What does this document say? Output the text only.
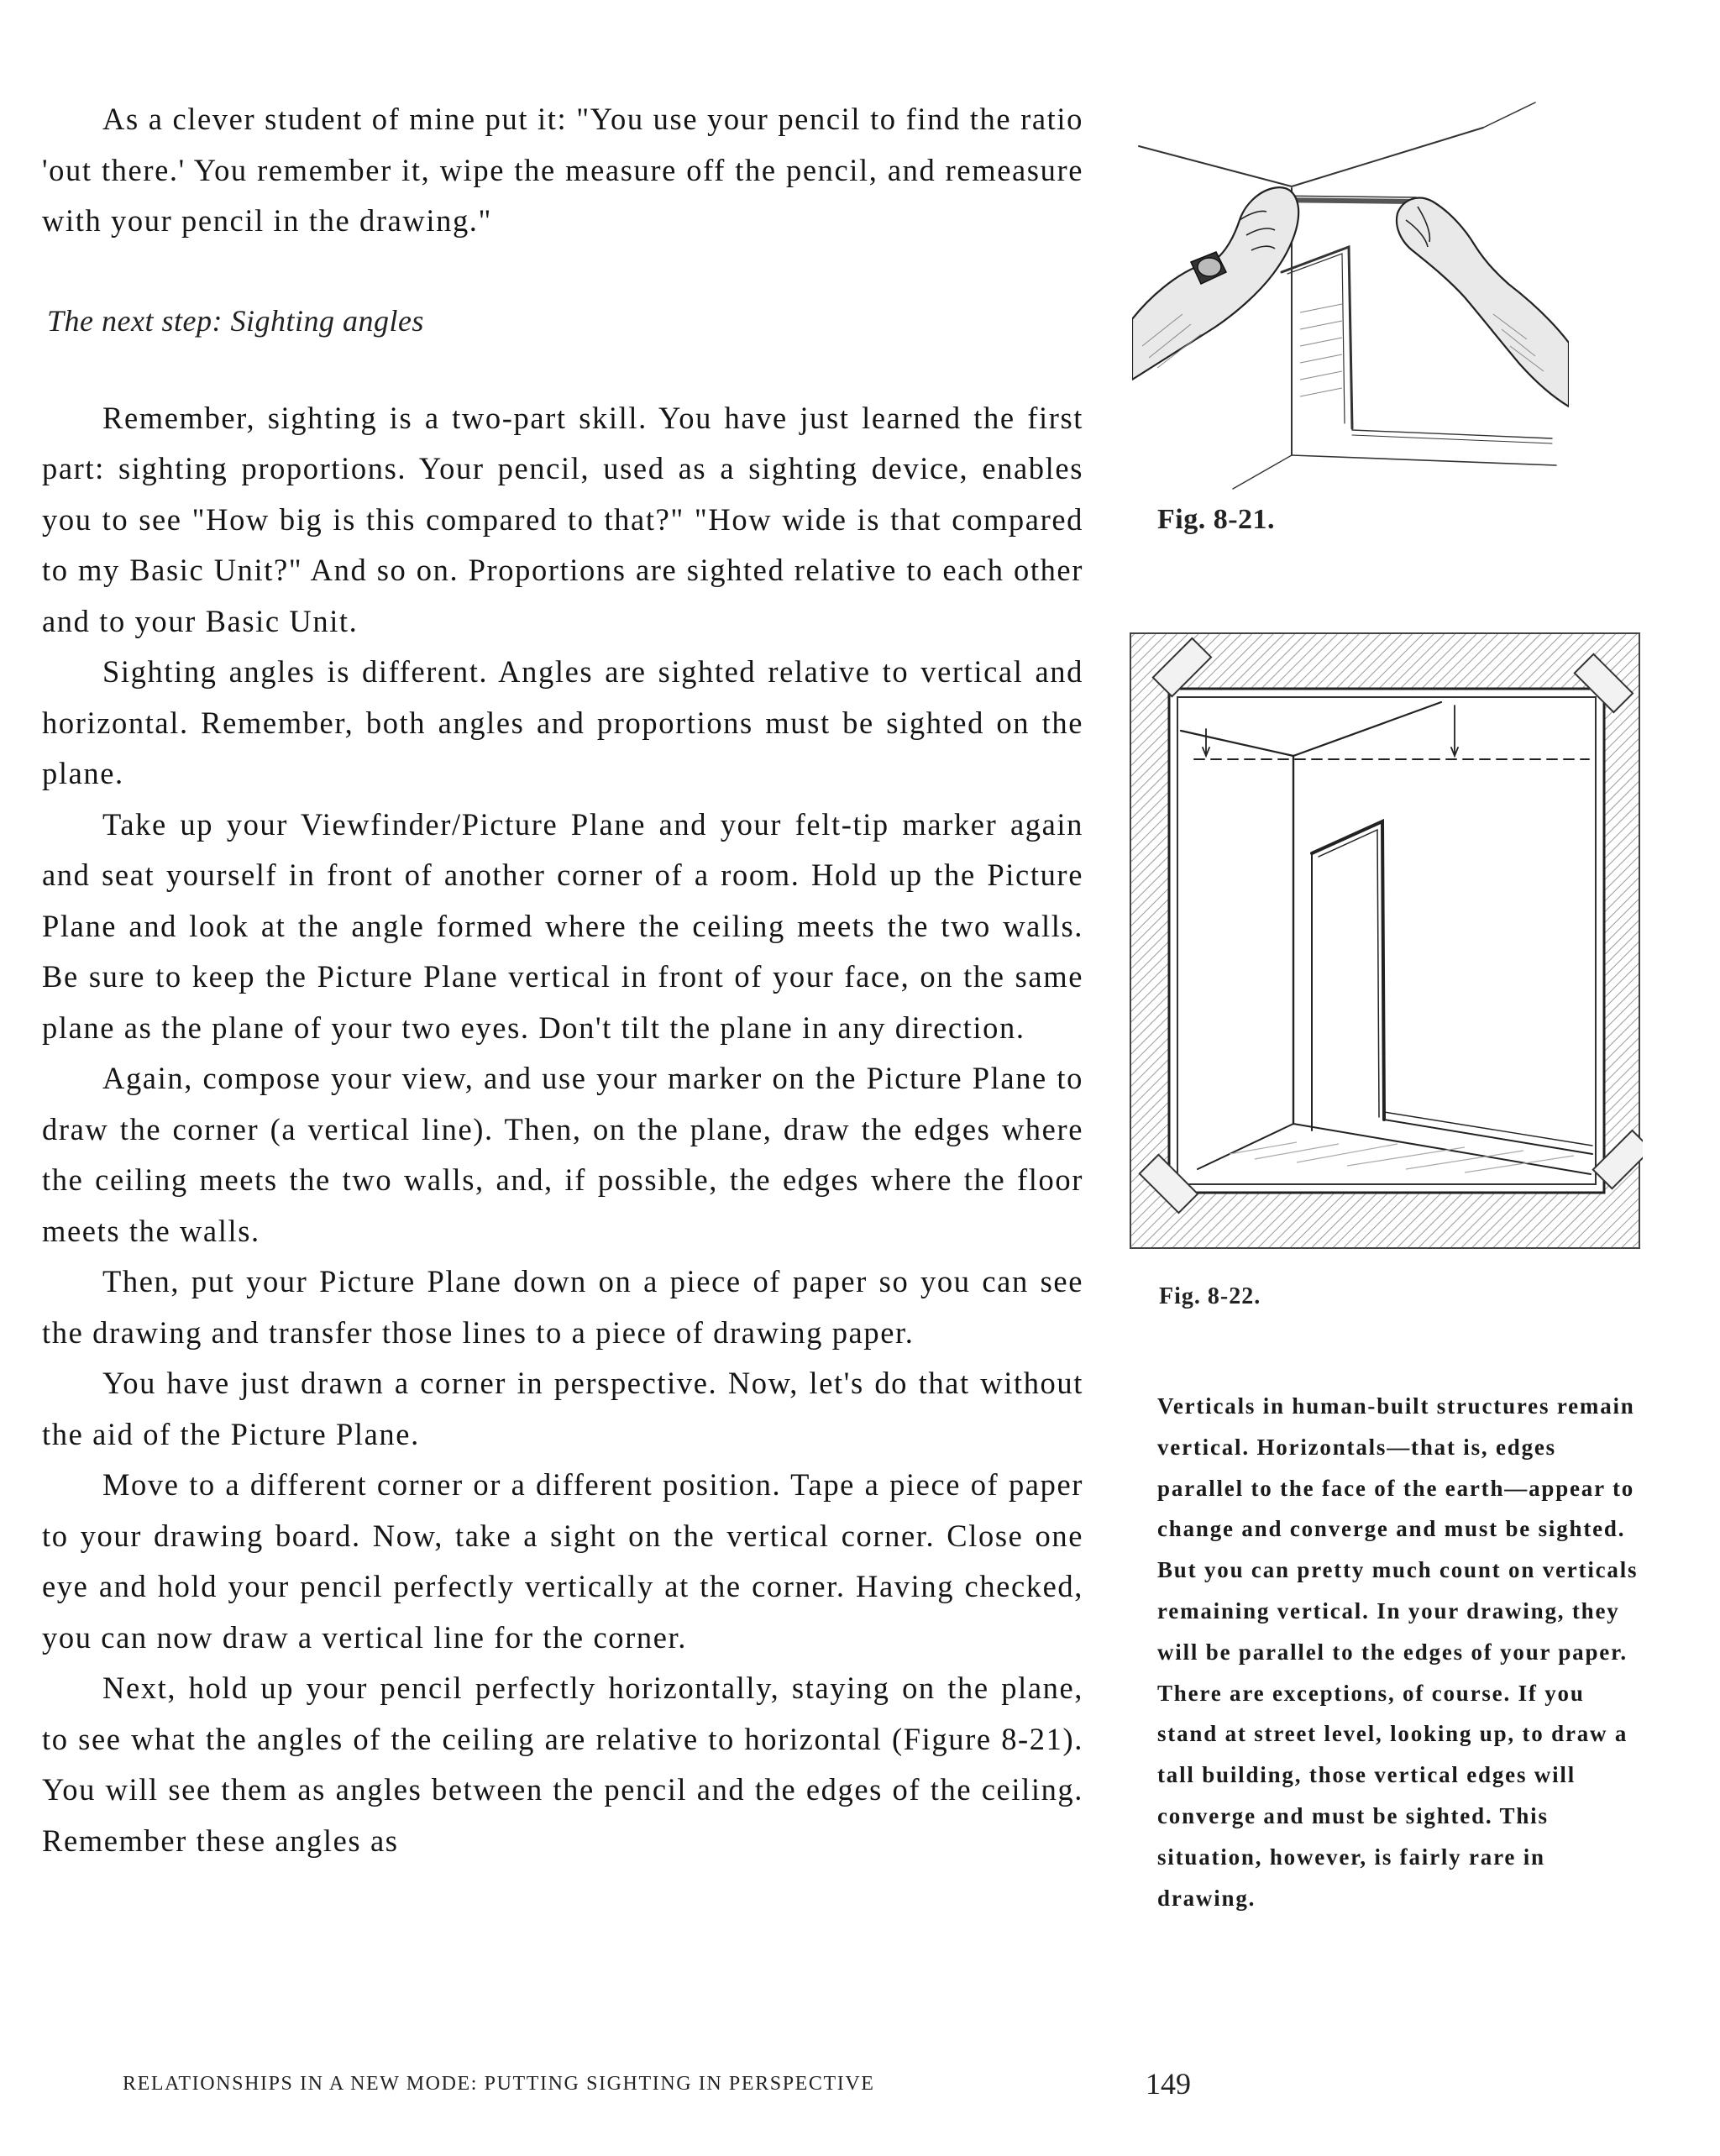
As a clever student of mine put it: "You use your pencil to find the ratio 'out there.' You remember it, wipe the measure off the pencil, and remeasure with your pencil in the drawing."

The next step: Sighting angles

Remember, sighting is a two-part skill. You have just learned the first part: sighting proportions. Your pencil, used as a sighting device, enables you to see "How big is this compared to that?" "How wide is that compared to my Basic Unit?" And so on. Proportions are sighted relative to each other and to your Basic Unit.

Sighting angles is different. Angles are sighted relative to vertical and horizontal. Remember, both angles and proportions must be sighted on the plane.

Take up your Viewfinder/Picture Plane and your felt-tip marker again and seat yourself in front of another corner of a room. Hold up the Picture Plane and look at the angle formed where the ceiling meets the two walls. Be sure to keep the Picture Plane vertical in front of your face, on the same plane as the plane of your two eyes. Don't tilt the plane in any direction.

Again, compose your view, and use your marker on the Picture Plane to draw the corner (a vertical line). Then, on the plane, draw the edges where the ceiling meets the two walls, and, if possible, the edges where the floor meets the walls.

Then, put your Picture Plane down on a piece of paper so you can see the drawing and transfer those lines to a piece of drawing paper.

You have just drawn a corner in perspective. Now, let's do that without the aid of the Picture Plane.

Move to a different corner or a different position. Tape a piece of paper to your drawing board. Now, take a sight on the vertical corner. Close one eye and hold your pencil perfectly vertically at the corner. Having checked, you can now draw a vertical line for the corner.

Next, hold up your pencil perfectly horizontally, staying on the plane, to see what the angles of the ceiling are relative to horizontal (Figure 8-21). You will see them as angles between the pencil and the edges of the ceiling. Remember these angles as

Fig. 8-21.
Fig. 8-22.

Verticals in human-built structures remain vertical. Horizontals—that is, edges parallel to the face of the earth—appear to change and converge and must be sighted. But you can pretty much count on verticals remaining vertical. In your drawing, they will be parallel to the edges of your paper. There are exceptions, of course. If you stand at street level, looking up, to draw a tall building, those vertical edges will converge and must be sighted. This situation, however, is fairly rare in drawing.

RELATIONSHIPS IN A NEW MODE: PUTTING SIGHTING IN PERSPECTIVE	149
